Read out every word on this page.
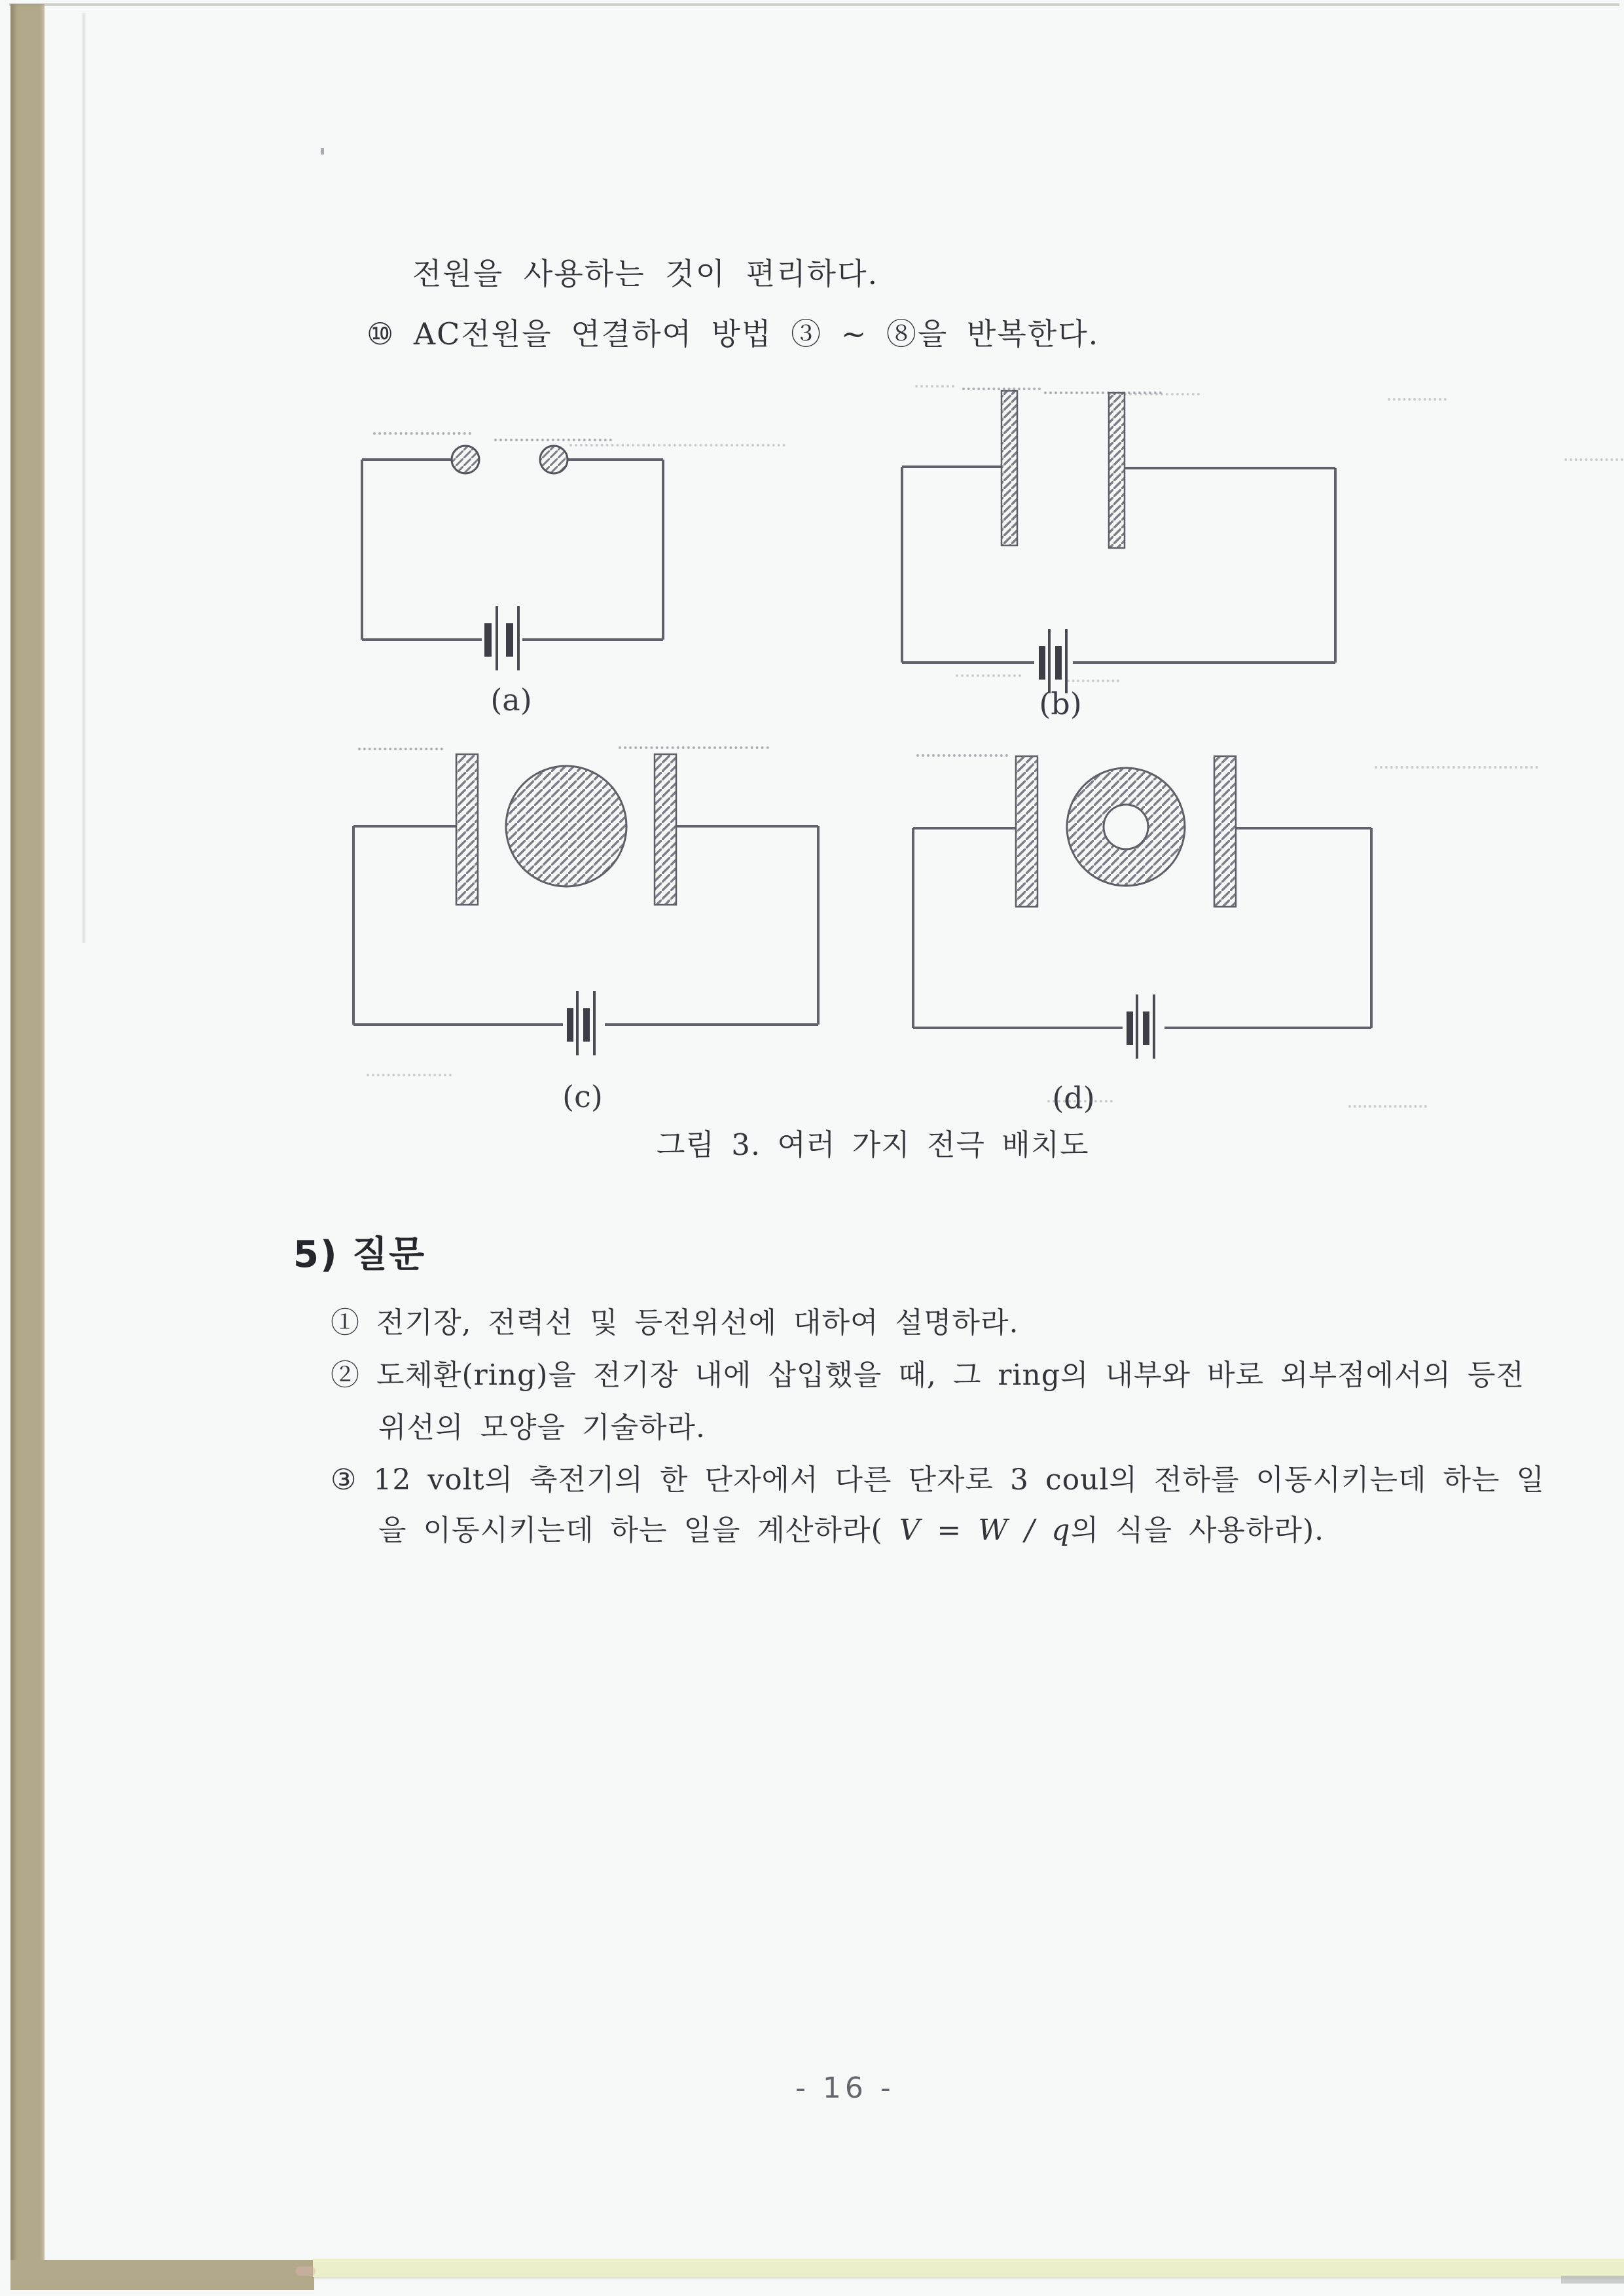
전원을 사용하는 것이 편리하다.
⑩ AC전원을 연결하여 방법 ③ ~ ⑧을 반복한다.
(a)	(b)
(c)	(d)
그림 3. 여러 가지 전극 배치도
5) 질문
① 전기장, 전력선 및 등전위선에 대하여 설명하라.
② 도체환(ring)을 전기장 내에 삽입했을 때, 그 ring의 내부와 바로 외부점에서의 등전
위선의 모양을 기술하라.
③ 12 volt의 축전기의 한 단자에서 다른 단자로 3 coul의 전하를 이동시키는데 하는 일
을 이동시키는데 하는 일을 계산하라( V = W / q의 식을 사용하라).
- 16 -
